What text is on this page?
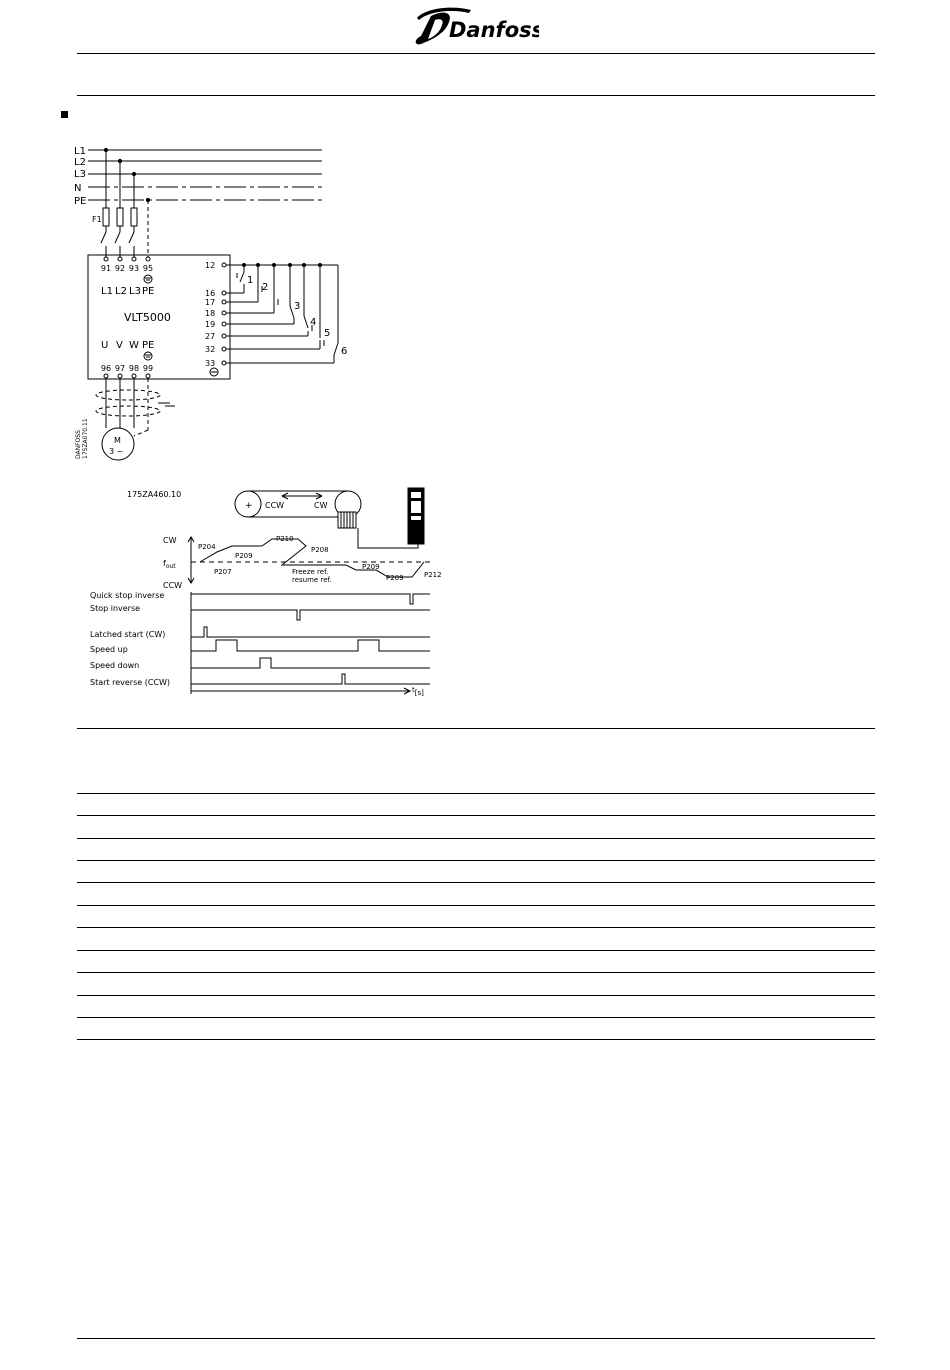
Danfoss
L1
L2
L3
N
PE
F1
91 92 93 95
L1 L2 L3 PE
VLT5000
U V W PE
96 97 98 99
12
16
17
18
19
27
32
33
1
2
3
4
5
6
M
3 ~
DANFOSS 175ZA070.11
175ZA460.10
+ CCW	CW
CW
$f_{out}$
CCW
P204
P207
P209
P210
P208
P209
P209	P212
Freeze ref.
resume ref.
Quick stop inverse
Stop inverse
Latched start (CW)
Speed up
Speed down
Start reverse (CCW)
t[s]
